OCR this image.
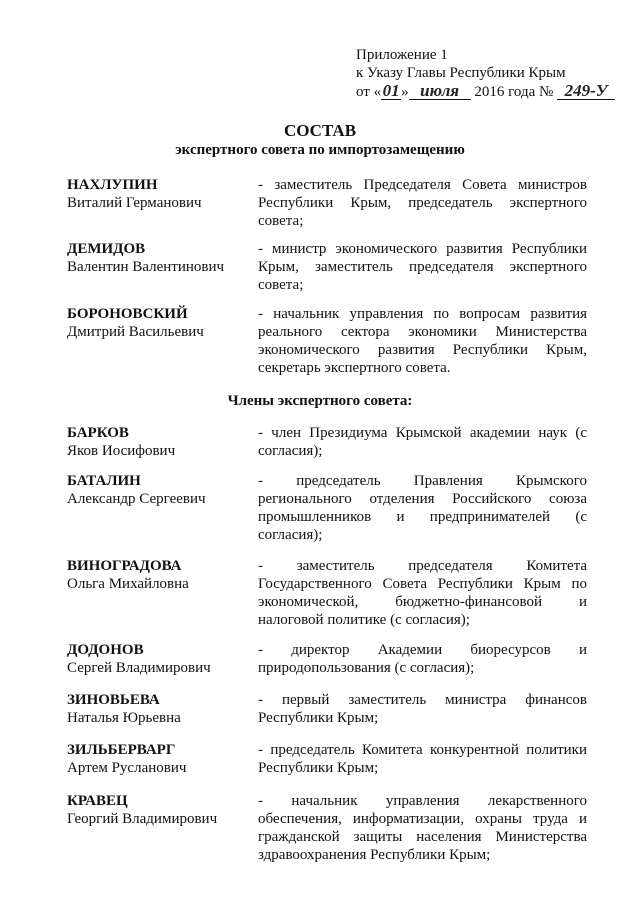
Приложение 1
к Указу Главы Республики Крым
от «01 » июля 2016 года № 249-У
СОСТАВ
экспертного совета по импортозамещению
НАХЛУПИН
Виталий Германович
- заместитель Председателя Совета министров Республики Крым, председатель экспертного совета;
ДЕМИДОВ
Валентин Валентинович
- министр экономического развития Республики Крым, заместитель председателя экспертного совета;
БОРОНОВСКИЙ
Дмитрий Васильевич
- начальник управления по вопросам развития реального сектора экономики Министерства экономического развития Республики Крым, секретарь экспертного совета.
Члены экспертного совета:
БАРКОВ
Яков Иосифович
- член Президиума Крымской академии наук (с согласия);
БАТАЛИН
Александр Сергеевич
- председатель Правления Крымского регионального отделения Российского союза промышленников и предпринимателей (с согласия);
ВИНОГРАДОВА
Ольга Михайловна
- заместитель председателя Комитета Государственного Совета Республики Крым по экономической, бюджетно-финансовой и налоговой политике (с согласия);
ДОДОНОВ
Сергей Владимирович
- директор Академии биоресурсов и природопользования (с согласия);
ЗИНОВЬЕВА
Наталья Юрьевна
- первый заместитель министра финансов Республики Крым;
ЗИЛЬБЕРВАРГ
Артем Русланович
- председатель Комитета конкурентной политики Республики Крым;
КРАВЕЦ
Георгий Владимирович
- начальник управления лекарственного обеспечения, информатизации, охраны труда и гражданской защиты населения Министерства здравоохранения Республики Крым;
